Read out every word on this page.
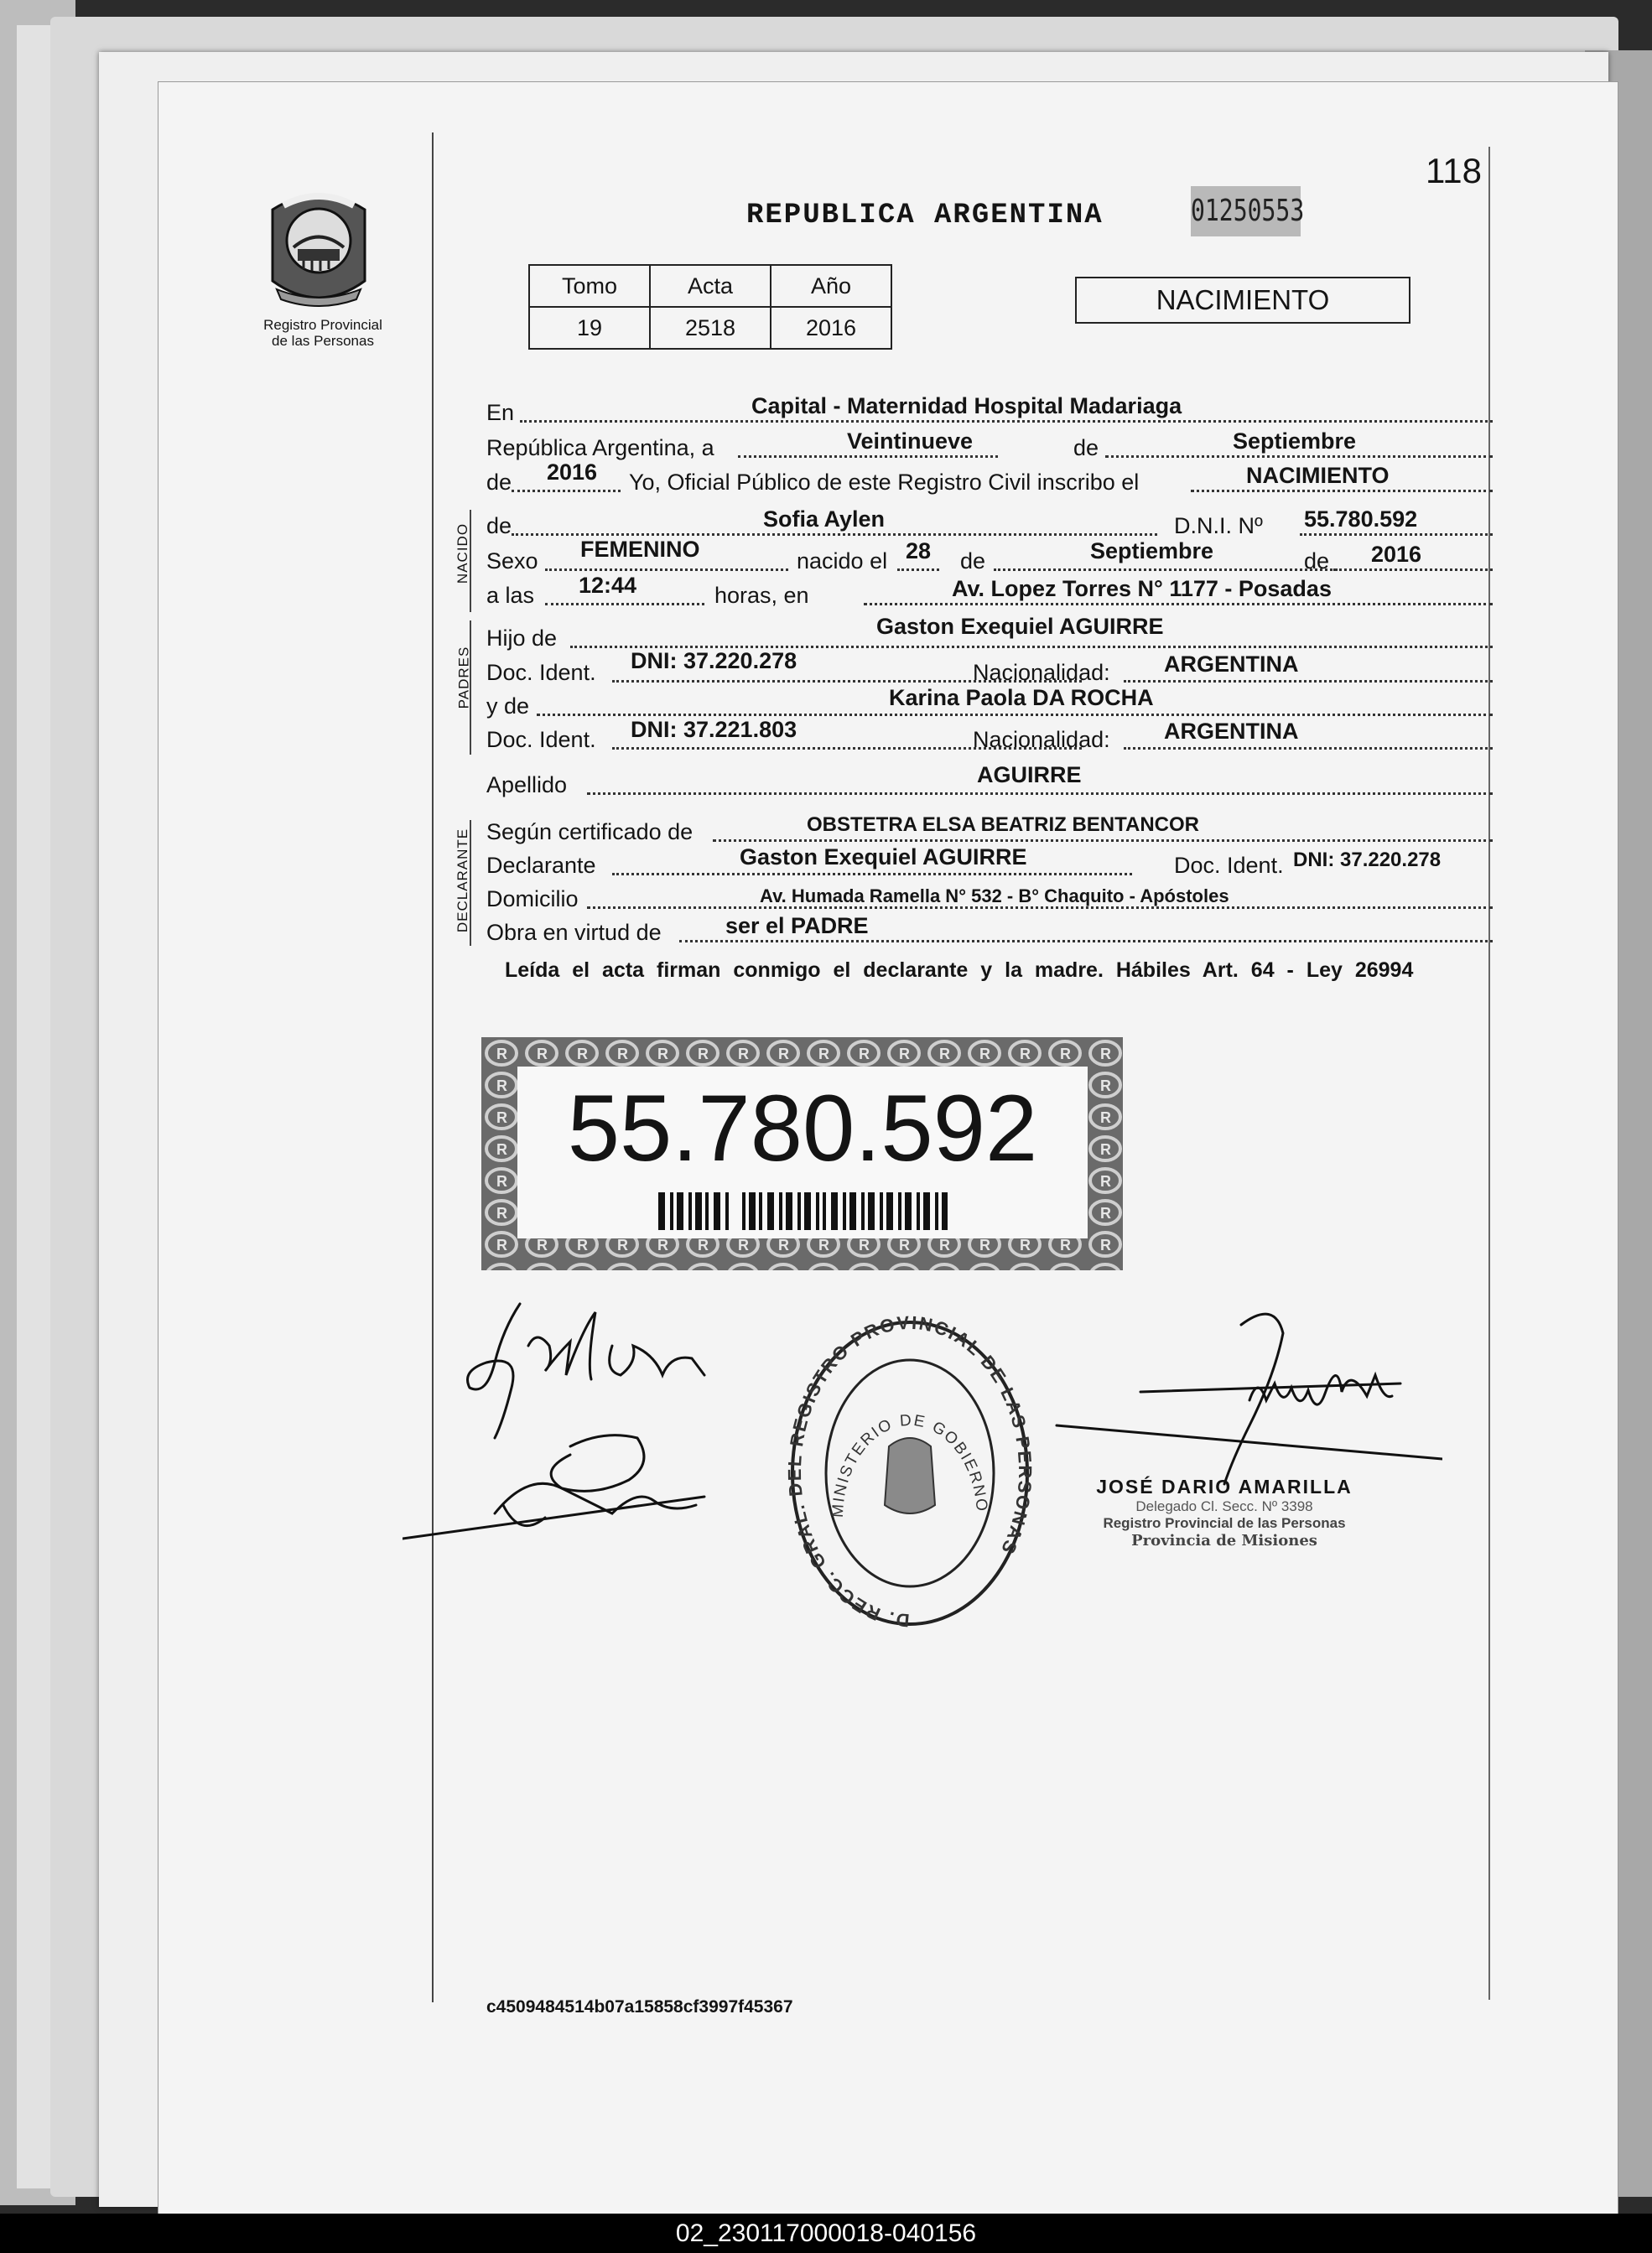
118
Registro Provincial
de las Personas
REPUBLICA ARGENTINA	01250553
Tomo	Acta	Año
19	2518	2016
NACIMIENTO
En	Capital - Maternidad Hospital Madariaga
República Argentina, a	Veintinueve	de	Septiembre
de 2016 Yo, Oficial Público de este Registro Civil inscribo el	NACIMIENTO
NACIDO de	Sofia Aylen	D.N.I. Nº 55.780.592
Sexo FEMENINO	nacido el 28 de	Septiembre	de 2016
a las 12:44	horas, en	Av. Lopez Torres N° 1177 - Posadas
PADRES
Hijo de	Gaston Exequiel AGUIRRE
Doc. Ident. DNI: 37.220.278	Nacionalidad: ARGENTINA
y de	Karina Paola DA ROCHA
Doc. Ident. DNI: 37.221.803	Nacionalidad: ARGENTINA
Apellido	AGUIRRE
DECLARANTE Según certificado de	OBSTETRA ELSA BEATRIZ BENTANCOR
Declarante	Gaston Exequiel AGUIRRE	Doc. Ident. DNI: 37.220.278
Domicilio	Av. Humada Ramella N° 532 - B° Chaquito - Apóstoles
Obra en virtud de	ser el PADRE
Leída el acta firman conmigo el declarante y la madre. Hábiles Art. 64 - Ley 26994
55.780.592
D. RECC. GRAL. DEL REGISTRO PROVINCIAL DE LAS PERSONAS
MINISTERIO DE GOBIERNO
JOSÉ DARIO AMARILLA
Delegado Cl. Secc. Nº 3398
Registro Provincial de las Personas
Provincia de Misiones
c4509484514b07a15858cf3997f45367
02_230117000018-040156
